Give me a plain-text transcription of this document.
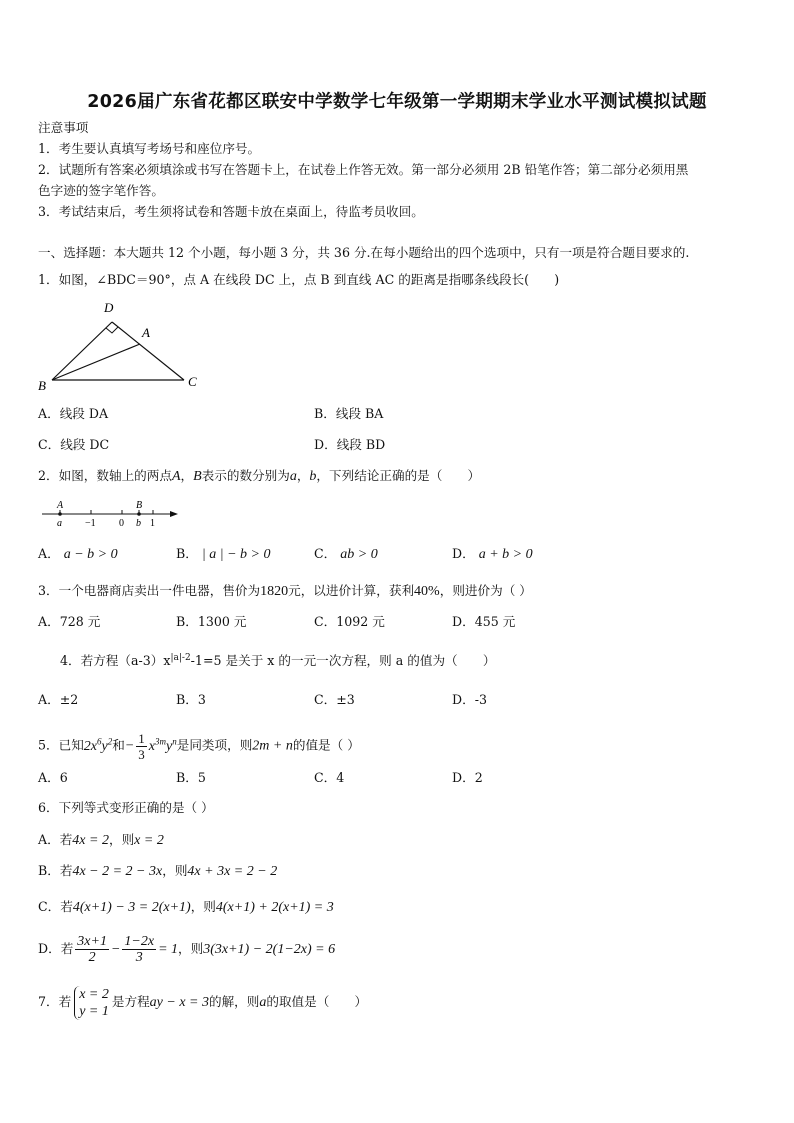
2026届广东省花都区联安中学数学七年级第一学期期末学业水平测试模拟试题
注意事项
1．考生要认真填写考场号和座位序号。
2．试题所有答案必须填涂或书写在答题卡上，在试卷上作答无效。第一部分必须用 2B 铅笔作答；第二部分必须用黑
色字迹的签字笔作答。
3．考试结束后，考生须将试卷和答题卡放在桌面上，待监考员收回。
一、选择题：本大题共 12 个小题，每小题 3 分，共 36 分.在每小题给出的四个选项中，只有一项是符合题目要求的.
1．如图，∠BDC＝90°，点 A 在线段 DC 上，点 B 到直线 AC 的距离是指哪条线段长(　　)
D
A
B	C
A．线段 DA	B．线段 BA
C．线段 DC	D．线段 BD
2．如图，数轴上的两点A，B表示的数分别为a，b，下列结论正确的是（　　）
A
a −1 0
B
b 1
A． a − b > 0	B． | a | − b > 0	C． ab > 0	D． a + b > 0
3．一个电器商店卖出一件电器，售价为1820元，以进价计算，获利40%，则进价为（ ）
A．728 元	B．1300 元	C．1092 元	D．455 元
4．若方程$(a-3)x^{|a|-2}-1=5$ 是关于 x 的一元一次方程，则 a 的值为（　　）
A．±2	B．3	C．±3	D．-3
5．已知$2x^6y^2$和− $\frac{1}{3} x^{3m}y^n$是同类项，则2m + n的值是（ ）
A．6	B．5	C．4	D．2
6．下列等式变形正确的是（ ）
A．若4x = 2，则x = 2
B．若4x − 2 = 2 − 3x，则4x + 3x = 2 − 2
C．若4(x+1) − 3 = 2(x+1)，则4(x+1) + 2(x+1) = 3
D．若 $\frac{3x+1}{2} - \frac{1-2x}{3} = 1$，则3(3x+1) − 2(1−2x) = 6
7．若 x = 2
y = 1
是方程ay − x = 3的解，则a的取值是（　　）
